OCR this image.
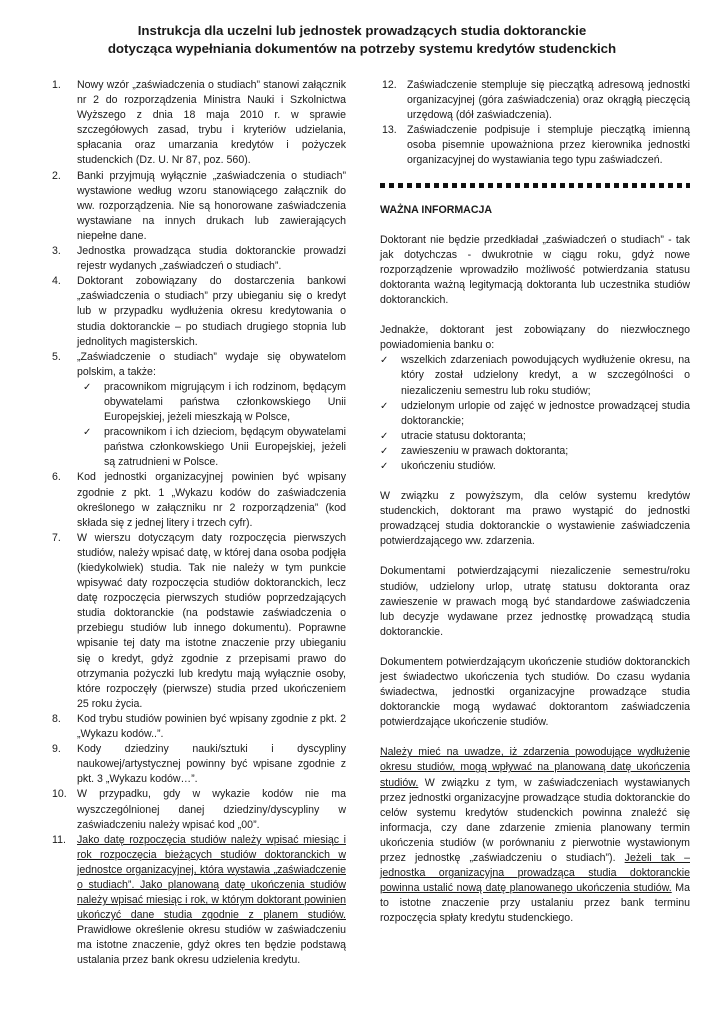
Instrukcja dla uczelni lub jednostek prowadzących studia doktoranckie
dotycząca wypełniania dokumentów na potrzeby systemu kredytów studenckich
1. Nowy wzór „zaświadczenia o studiach” stanowi załącznik nr 2 do rozporządzenia Ministra Nauki i Szkolnictwa Wyższego z dnia 18 maja 2010 r. w sprawie szczegółowych zasad, trybu i kryteriów udzielania, spłacania oraz umarzania kredytów i pożyczek studenckich (Dz. U. Nr 87, poz. 560).
2. Banki przyjmują wyłącznie „zaświadczenia o studiach” wystawione według wzoru stanowiącego załącznik do ww. rozporządzenia. Nie są honorowane zaświadczenia wystawiane na innych drukach lub zawierających niepełne dane.
3. Jednostka prowadząca studia doktoranckie prowadzi rejestr wydanych „zaświadczeń o studiach”.
4. Doktorant zobowiązany do dostarczenia bankowi „zaświadczenia o studiach” przy ubieganiu się o kredyt lub w przypadku wydłużenia okresu kredytowania o studia doktoranckie – po studiach drugiego stopnia lub jednolitych magisterskich.
5. „Zaświadczenie o studiach” wydaje się obywatelom polskim, a także:
✓ pracownikom migrującym i ich rodzinom, będącym obywatelami państwa członkowskiego Unii Europejskiej, jeżeli mieszkają w Polsce,
✓ pracownikom i ich dzieciom, będącym obywatelami państwa członkowskiego Unii Europejskiej, jeżeli są zatrudnieni w Polsce.
6. Kod jednostki organizacyjnej powinien być wpisany zgodnie z pkt. 1 „Wykazu kodów do zaświadczenia określonego w załączniku nr 2 rozporządzenia” (kod składa się z jednej litery i trzech cyfr).
7. W wierszu dotyczącym daty rozpoczęcia pierwszych studiów, należy wpisać datę, w której dana osoba podjęła (kiedykolwiek) studia. Tak nie należy w tym punkcie wpisywać daty rozpoczęcia studiów doktoranckich, lecz datę rozpoczęcia pierwszych studiów poprzedzających studia doktoranckie (na podstawie zaświadczenia o przebiegu studiów lub innego dokumentu). Poprawne wpisanie tej daty ma istotne znaczenie przy ubieganiu się o kredyt, gdyż zgodnie z przepisami prawo do otrzymania pożyczki lub kredytu mają wyłącznie osoby, które rozpoczęły (pierwsze) studia przed ukończeniem 25 roku życia.
8. Kod trybu studiów powinien być wpisany zgodnie z pkt. 2 „Wykazu kodów..”.
9. Kody dziedziny nauki/sztuki i dyscypliny naukowej/artystycznej powinny być wpisane zgodnie z pkt. 3 „Wykazu kodów…”.
10. W przypadku, gdy w wykazie kodów nie ma wyszczególnionej danej dziedziny/dyscypliny w zaświadczeniu należy wpisać kod „00”.
11. Jako datę rozpoczęcia studiów należy wpisać miesiąc i rok rozpoczęcia bieżących studiów doktoranckich w jednostce organizacyjnej, która wystawia „zaświadczenie o studiach”. Jako planowaną datę ukończenia studiów należy wpisać miesiąc i rok, w którym doktorant powinien ukończyć dane studia zgodnie z planem studiów. Prawidłowe określenie okresu studiów w zaświadczeniu ma istotne znaczenie, gdyż okres ten będzie podstawą ustalania przez bank okresu udzielenia kredytu.
12. Zaświadczenie stempluje się pieczątką adresową jednostki organizacyjnej (góra zaświadczenia) oraz okrągłą pieczęcią urzędową (dół zaświadczenia).
13. Zaświadczenie podpisuje i stempluje pieczątką imienną osoba pisemnie upoważniona przez kierownika jednostki organizacyjnej do wystawiania tego typu zaświadczeń.
WAŻNA INFORMACJA

Doktorant nie będzie przedkładał „zaświadczeń o studiach” - tak jak dotychczas - dwukrotnie w ciągu roku, gdyż nowe rozporządzenie wprowadziło możliwość potwierdzania statusu doktoranta ważną legitymacją doktoranta lub uczestnika studiów doktoranckich.

Jednakże, doktorant jest zobowiązany do niezwłocznego powiadomienia banku o:

✓ wszelkich zdarzeniach powodujących wydłużenie okresu, na który został udzielony kredyt, a w szczególności o niezaliczeniu semestru lub roku studiów;
✓ udzielonym urlopie od zajęć w jednostce prowadzącej studia doktoranckie;
✓ utracie statusu doktoranta;
✓ zawieszeniu w prawach doktoranta;
✓ ukończeniu studiów.

W związku z powyższym, dla celów systemu kredytów studenckich, doktorant ma prawo wystąpić do jednostki prowadzącej studia doktoranckie o wystawienie zaświadczenia potwierdzającego ww. zdarzenia.

Dokumentami potwierdzającymi niezaliczenie semestru/roku studiów, udzielony urlop, utratę statusu doktoranta oraz zawieszenie w prawach mogą być standardowe zaświadczenia lub decyzje wydawane przez jednostkę prowadzącą studia doktoranckie.

Dokumentem potwierdzającym ukończenie studiów doktoranckich jest świadectwo ukończenia tych studiów. Do czasu wydania świadectwa, jednostki organizacyjne prowadzące studia doktoranckie mogą wydawać doktorantom zaświadczenia potwierdzające ukończenie studiów.

Należy mieć na uwadze, iż zdarzenia powodujące wydłużenie okresu studiów, mogą wpływać na planowaną datę ukończenia studiów. W związku z tym, w zaświadczeniach wystawianych przez jednostki organizacyjne prowadzące studia doktoranckie do celów systemu kredytów studenckich powinna znaleźć się informacja, czy dane zdarzenie zmienia planowany termin ukończenia studiów (w porównaniu z pierwotnie wystawionym przez jednostkę „zaświadczeniu o studiach”). Jeżeli tak – jednostka organizacyjna prowadząca studia doktoranckie powinna ustalić nową datę planowanego ukończenia studiów. Ma to istotne znaczenie przy ustalaniu przez bank terminu rozpoczęcia spłaty kredytu studenckiego.
